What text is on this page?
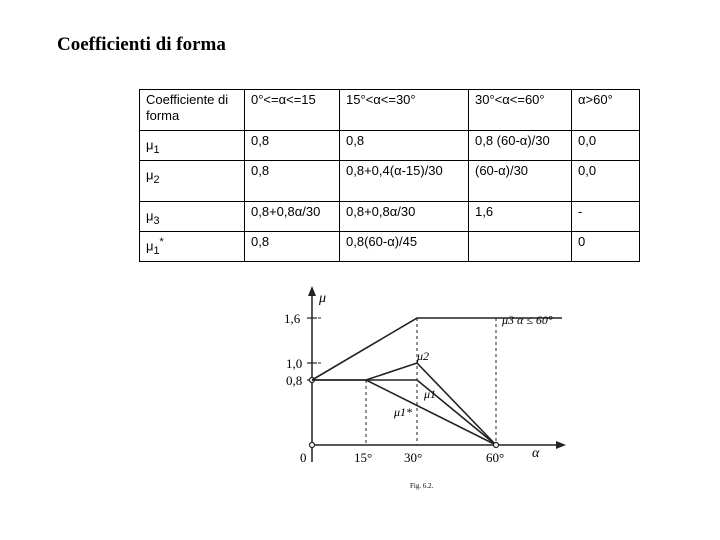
Coefficienti di forma
Coefficiente di forma	0°<=α<=15	15°<α<=30°	30°<α<=60°	α>60°
$\mu_1$	0,8	0,8	0,8 (60-α)/30	0,0
$\mu_2$	0,8	0,8+0,4(α-15)/30	(60-α)/30	0,0
$\mu_3$	0,8+0,8α/30	0,8+0,8α/30	1,6	-
$\mu_1^*$	0,8	0,8(60-α)/45		0
μ
α
1,6
1,0
0,8
0
μ3 α ≤ 60°
μ2
μ1
μ1*
15° 30°	60°
Fig. 6.2.
